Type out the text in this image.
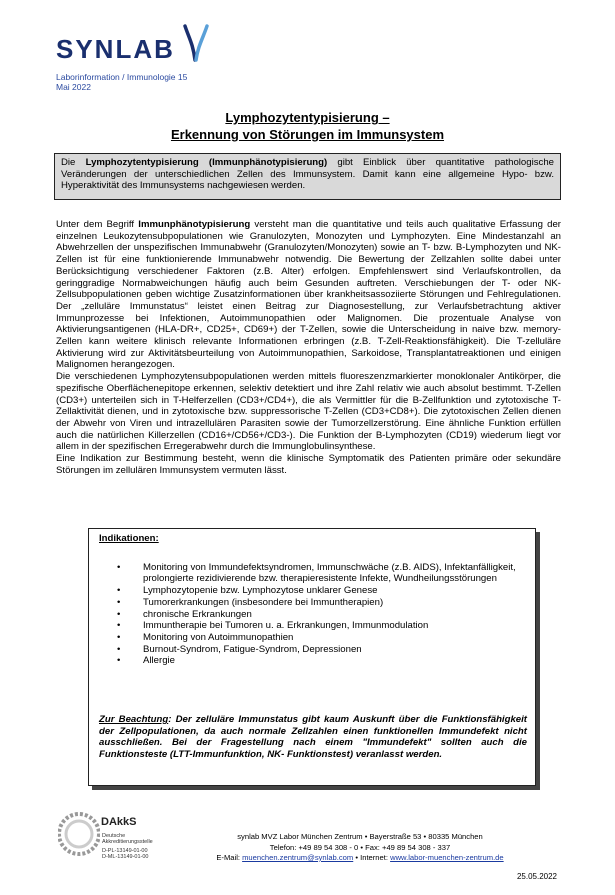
SYNLAB
Laborinformation / Immunologie 15
Mai 2022
Lymphozytentypisierung –
Erkennung von Störungen im Immunsystem
Die Lymphozytentypisierung (Immunphänotypisierung) gibt Einblick über quantitative pathologische Veränderungen der unterschiedlichen Zellen des Immunsystem. Damit kann eine allgemeine Hypo- bzw. Hyperaktivität des Immunsystems nachgewiesen werden.

Unter dem Begriff Immunphänotypisierung versteht man die quantitative und teils auch qualitative Erfassung der einzelnen Leukozytensubpopulationen wie Granulozyten, Monozyten und Lymphozyten. Eine Mindestanzahl an Abwehrzellen der unspezifischen Immunabwehr (Granulozyten/Monozyten) sowie an T- bzw. B-Lymphozyten und NK-Zellen ist für eine funktionierende Immunabwehr notwendig. Die Bewertung der Zellzahlen sollte dabei unter Berücksichtigung verschiedener Faktoren (z.B. Alter) erfolgen. Empfehlenswert sind Verlaufskontrollen, da geringgradige Normabweichungen häufig auch beim Gesunden auftreten. Verschiebungen der T- oder NK-Zellsubpopulationen geben wichtige Zusatzinformationen über krankheitsassoziierte Störungen und Fehlregulationen. Der „zelluläre Immunstatus“ leistet einen Beitrag zur Diagnosestellung, zur Verlaufsbetrachtung aktiver Immunprozesse bei Infektionen, Autoimmunopathien oder Malignomen. Die prozentuale Analyse von Aktivierungsantigenen (HLA-DR+, CD25+, CD69+) der T-Zellen, sowie die Unterscheidung in naive bzw. memory-Zellen kann weitere klinisch relevante Informationen erbringen (z.B. T-Zell-Reaktionsfähigkeit). Die T-zelluläre Aktivierung wird zur Aktivitätsbeurteilung von Autoimmunopathien, Sarkoidose, Transplantatreaktionen und einigen Malignomen herangezogen.

Die verschiedenen Lymphozytensubpopulationen werden mittels fluoreszenzmarkierter monoklonaler Antikörper, die spezifische Oberflächenepitope erkennen, selektiv detektiert und ihre Zahl relativ wie auch absolut bestimmt. T-Zellen (CD3+) unterteilen sich in T-Helferzellen (CD3+/CD4+), die als Vermittler für die B-Zellfunktion und zytotoxische T-Zellaktivität dienen, und in zytotoxische bzw. suppressorische T-Zellen (CD3+CD8+). Die zytotoxischen Zellen dienen der Abwehr von Viren und intrazellulären Parasiten sowie der Tumorzellzerstörung. Eine ähnliche Funktion erfüllen auch die natürlichen Killerzellen (CD16+/CD56+/CD3-). Die Funktion der B-Lymphozyten (CD19) wiederum liegt vor allem in der spezifischen Erregerabwehr durch die Immunglobulinsynthese.

Eine Indikation zur Bestimmung besteht, wenn die klinische Symptomatik des Patienten primäre oder sekundäre Störungen im zellulären Immunsystem vermuten lässt.

Indikationen:
• Monitoring von Immundefektsyndromen, Immunschwäche (z.B. AIDS), Infektanfälligkeit, prolongierte rezidivierende bzw. therapieresistente Infekte, Wundheilungsstörungen
• Lymphozytopenie bzw. Lymphozytose unklarer Genese
• Tumorerkrankungen (insbesondere bei Immuntherapien)
• chronische Erkrankungen
• Immuntherapie bei Tumoren u. a. Erkrankungen, Immunmodulation
• Monitoring von Autoimmunopathien
• Burnout-Syndrom, Fatigue-Syndrom, Depressionen
• Allergie
Zur Beachtung: Der zelluläre Immunstatus gibt kaum Auskunft über die Funktionsfähigkeit der Zellpopulationen, da auch normale Zellzahlen einen funktionellen Immundefekt nicht ausschließen. Bei der Fragestellung nach einem "Immundefekt" sollten auch die Funktionsteste (LTT-Immunfunktion, NK- Funktionstest) veranlasst werden.
DAkkS
Deutsche
Akkreditierungsstelle
D-PL-13149-01-00
D-ML-13149-01-00
synlab MVZ Labor München Zentrum • Bayerstraße 53 • 80335 München
Telefon: +49 89 54 308 - 0 • Fax: +49 89 54 308 - 337
E-Mail: muenchen.zentrum@synlab.com • Internet: www.labor-muenchen-zentrum.de
25.05.2022
